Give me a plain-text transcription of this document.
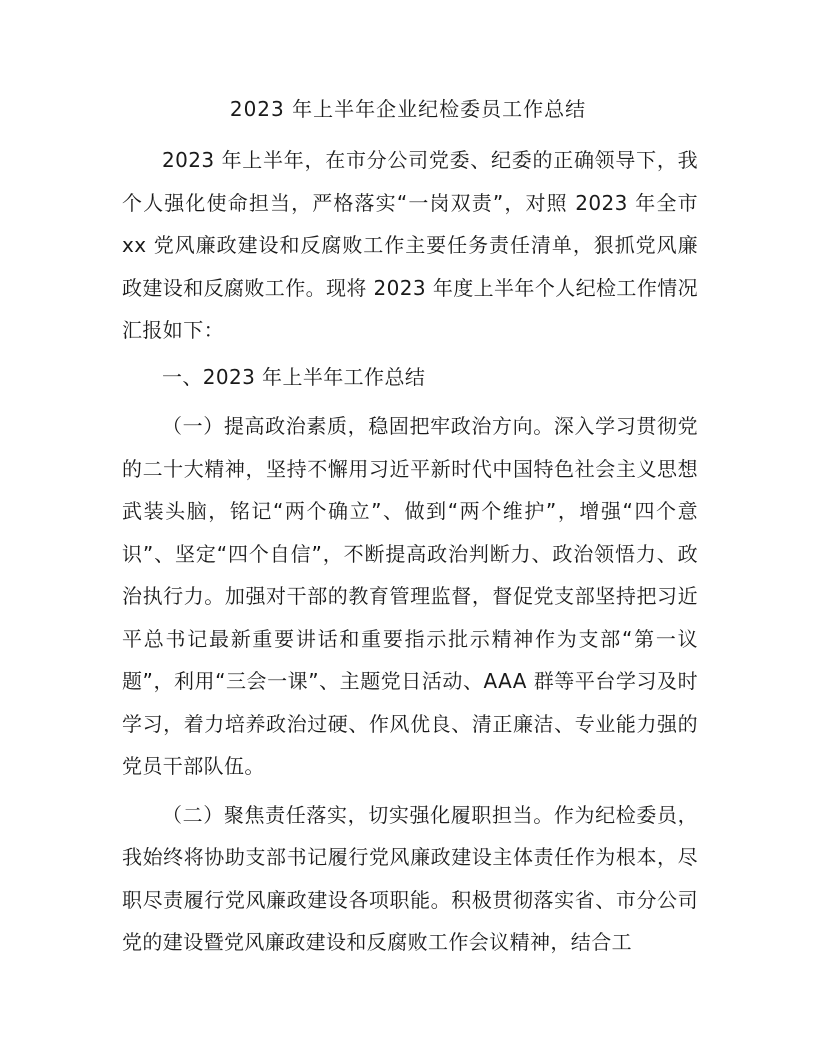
2023 年上半年企业纪检委员工作总结

2023 年上半年，在市分公司党委、纪委的正确领导下，我个人强化使命担当，严格落实“一岗双责”，对照 2023 年全市 xx 党风廉政建设和反腐败工作主要任务责任清单，狠抓党风廉政建设和反腐败工作。现将 2023 年度上半年个人纪检工作情况汇报如下：

一、2023 年上半年工作总结

（一）提高政治素质，稳固把牢政治方向。深入学习贯彻党的二十大精神，坚持不懈用习近平新时代中国特色社会主义思想武装头脑，铭记“两个确立”、做到“两个维护”，增强“四个意识”、坚定“四个自信”，不断提高政治判断力、政治领悟力、政治执行力。加强对干部的教育管理监督，督促党支部坚持把习近平总书记最新重要讲话和重要指示批示精神作为支部“第一议题”，利用“三会一课”、主题党日活动、AAA 群等平台学习及时学习，着力培养政治过硬、作风优良、清正廉洁、专业能力强的党员干部队伍。

（二）聚焦责任落实，切实强化履职担当。作为纪检委员，我始终将协助支部书记履行党风廉政建设主体责任作为根本，尽职尽责履行党风廉政建设各项职能。积极贯彻落实省、市分公司党的建设暨党风廉政建设和反腐败工作会议精神，结合工
